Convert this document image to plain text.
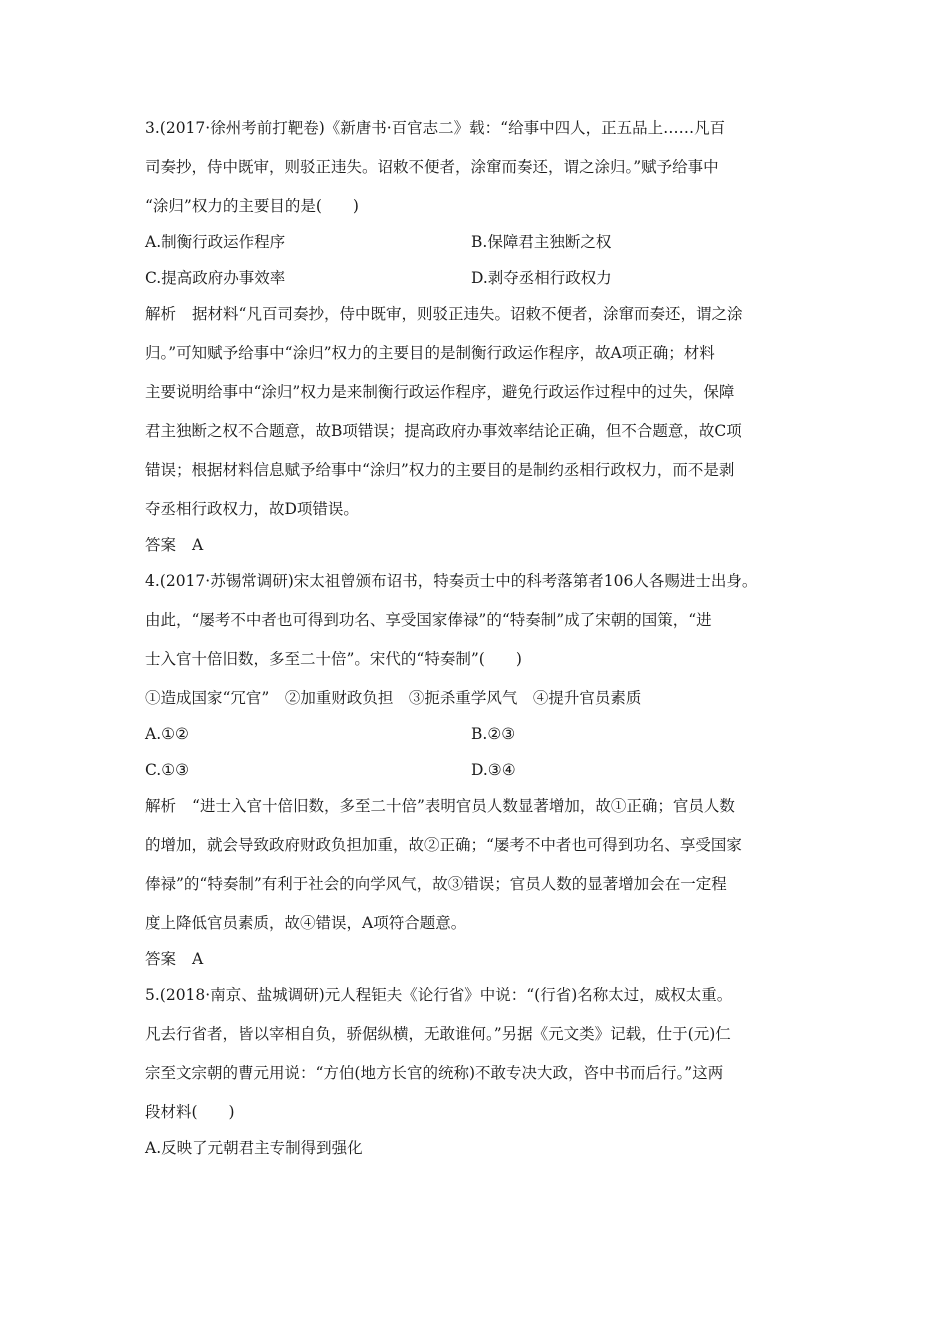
3.(2017·徐州考前打靶卷)《新唐书·百官志二》载：“给事中四人，正五品上……凡百

司奏抄，侍中既审，则驳正违失。诏敕不便者，涂窜而奏还，谓之涂归。”赋予给事中

“涂归”权力的主要目的是(　　)

A.制衡行政运作程序	B.保障君主独断之权
C.提高政府办事效率	D.剥夺丞相行政权力

解析 据材料“凡百司奏抄，侍中既审，则驳正违失。诏敕不便者，涂窜而奏还，谓之涂

归。”可知赋予给事中“涂归”权力的主要目的是制衡行政运作程序，故A项正确；材料

主要说明给事中“涂归”权力是来制衡行政运作程序，避免行政运作过程中的过失，保障

君主独断之权不合题意，故B项错误；提高政府办事效率结论正确，但不合题意，故C项

错误；根据材料信息赋予给事中“涂归”权力的主要目的是制约丞相行政权力，而不是剥

夺丞相行政权力，故D项错误。

答案 A

4.(2017·苏锡常调研)宋太祖曾颁布诏书，特奏贡士中的科考落第者106人各赐进士出身。

由此，“屡考不中者也可得到功名、享受国家俸禄”的“特奏制”成了宋朝的国策，“进

士入官十倍旧数，多至二十倍”。宋代的“特奏制”(　　)

①造成国家“冗官”　②加重财政负担　③扼杀重学风气　④提升官员素质

A.①②	B.②③
C.①③	D.③④

解析 “进士入官十倍旧数，多至二十倍”表明官员人数显著增加，故①正确；官员人数

的增加，就会导致政府财政负担加重，故②正确；“屡考不中者也可得到功名、享受国家

俸禄”的“特奏制”有利于社会的向学风气，故③错误；官员人数的显著增加会在一定程

度上降低官员素质，故④错误，A项符合题意。

答案 A

5.(2018·南京、盐城调研)元人程钜夫《论行省》中说：“(行省)名称太过，威权太重。

凡去行省者，皆以宰相自负，骄倨纵横，无敢谁何。”另据《元文类》记载，仕于(元)仁

宗至文宗朝的曹元用说：“方伯(地方长官的统称)不敢专决大政，咨中书而后行。”这两

段材料(　　)

A.反映了元朝君主专制得到强化
